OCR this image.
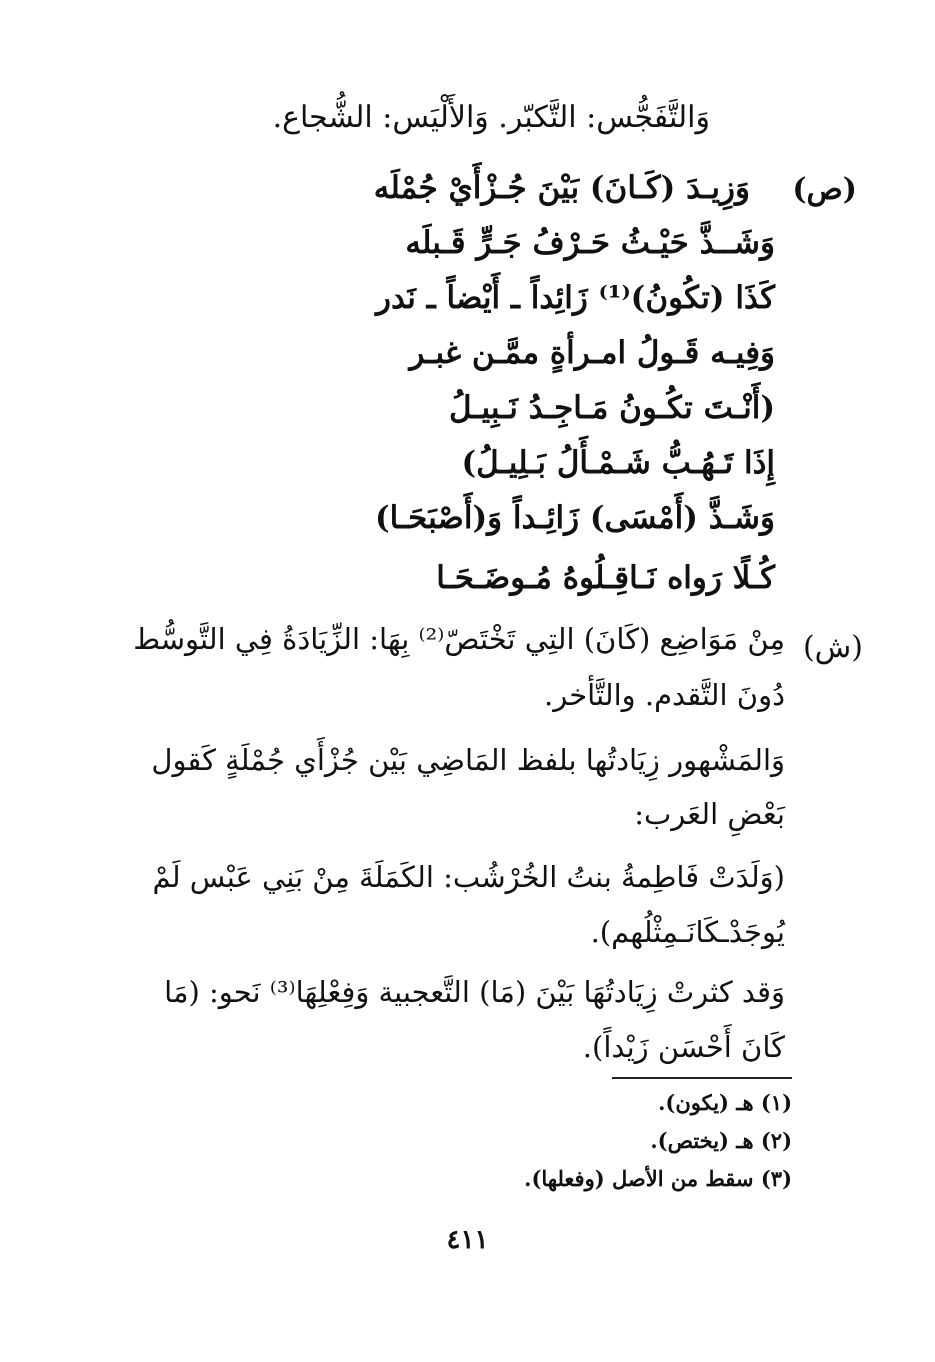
وَالتَّفَجُّس: التَّكبّر. وَالأَلْيَس: الشُّجاع.
(ص)
وَزِيـدَ (كَـانَ) بَيْنَ جُـزْأَيْ جُمْلَه
وَشَــذَّ حَيْـثُ حَـرْفُ جَـرٍّ قَـبلَه
كَذَا (تكُونُ)⁽¹⁾ زَائِداً ـ أَيْضاً ـ نَدر
وَفِيـه قَـولُ امـرأةٍ ممَّـن غبـر
(أَنْـتَ تكُـونُ مَـاجِـدُ نَـبِيـلُ
إِذَا تَـهُـبُّ شَـمْـأَلُ بَـلِيـلُ)
وَشَـذَّ (أَمْسَى) زَائِـداً وَ(أَصْبَحَـا)
كُـلًا رَواه نَـاقِـلُوهُ مُـوضَـحَـا
(ش)
مِنْ مَوَاضِع (كَانَ) التِي تَخْتَصّ⁽²⁾ بِهَا: الزِّيَادَةُ فِي التَّوسُّط
دُونَ التَّقدم. والتَّأخر.
وَالمَشْهور زِيَادتُها بلفظ المَاضِي بَيْن جُزْأَي جُمْلَةٍ كَقول
بَعْضِ العَرب:
(وَلَدَتْ فَاطِمةُ بنتُ الخُرْشُب: الكَمَلَةَ مِنْ بَنِي عَبْس لَمْ
يُوجَدْـكَانَـمِثْلُهم).
وَقد كثرتْ زِيَادتُهَا بَيْنَ (مَا) التَّعجبية وَفِعْلِهَا⁽³⁾ نَحو: (مَا
كَانَ أَحْسَن زَيْداً).
(١) هـ (يكون).
(٢) هـ (يختص).
(٣) سقط من الأصل (وفعلها).
٤١١
